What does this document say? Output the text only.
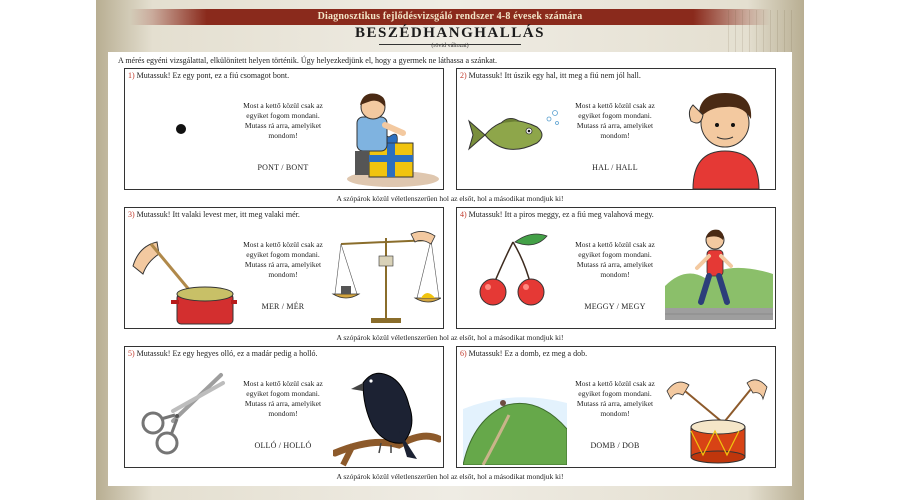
Diagnosztikus fejlődésvizsgáló rendszer 4-8 évesek számára
BESZÉDHANGHALLÁS
(rövid változat)
A mérés egyéni vizsgálattal, elkülönített helyen történik. Úgy helyezkedjünk el, hogy a gyermek ne láthassa a szánkat.
1) Mutassuk! Ez egy pont, ez a fiú csomagot bont.
Most a kettő közül csak az egyiket fogom mondani. Mutass rá arra, amelyiket mondom!
PONT / BONT
2) Mutassuk! Itt úszik egy hal, itt meg a fiú nem jól hall.
Most a kettő közül csak az egyiket fogom mondani. Mutass rá arra, amelyiket mondom!
HAL / HALL
A szópárok közül véletlenszerűen hol az elsőt, hol a másodikat mondjuk ki!
3) Mutassuk! Itt valaki levest mer, itt meg valaki mér.
Most a kettő közül csak az egyiket fogom mondani. Mutass rá arra, amelyiket mondom!
MER / MÉR
4) Mutassuk! Itt a piros meggy, ez a fiú meg valahová megy.
Most a kettő közül csak az egyiket fogom mondani. Mutass rá arra, amelyiket mondom!
MEGGY / MEGY
A szópárok közül véletlenszerűen hol az elsőt, hol a másodikat mondjuk ki!
5) Mutassuk! Ez egy hegyes olló, ez a madár pedig a holló.
Most a kettő közül csak az egyiket fogom mondani. Mutass rá arra, amelyiket mondom!
OLLÓ / HOLLÓ
6) Mutassuk! Ez a domb, ez meg a dob.
Most a kettő közül csak az egyiket fogom mondani. Mutass rá arra, amelyiket mondom!
DOMB / DOB
A szópárok közül véletlenszerűen hol az elsőt, hol a másodikat mondjuk ki!
